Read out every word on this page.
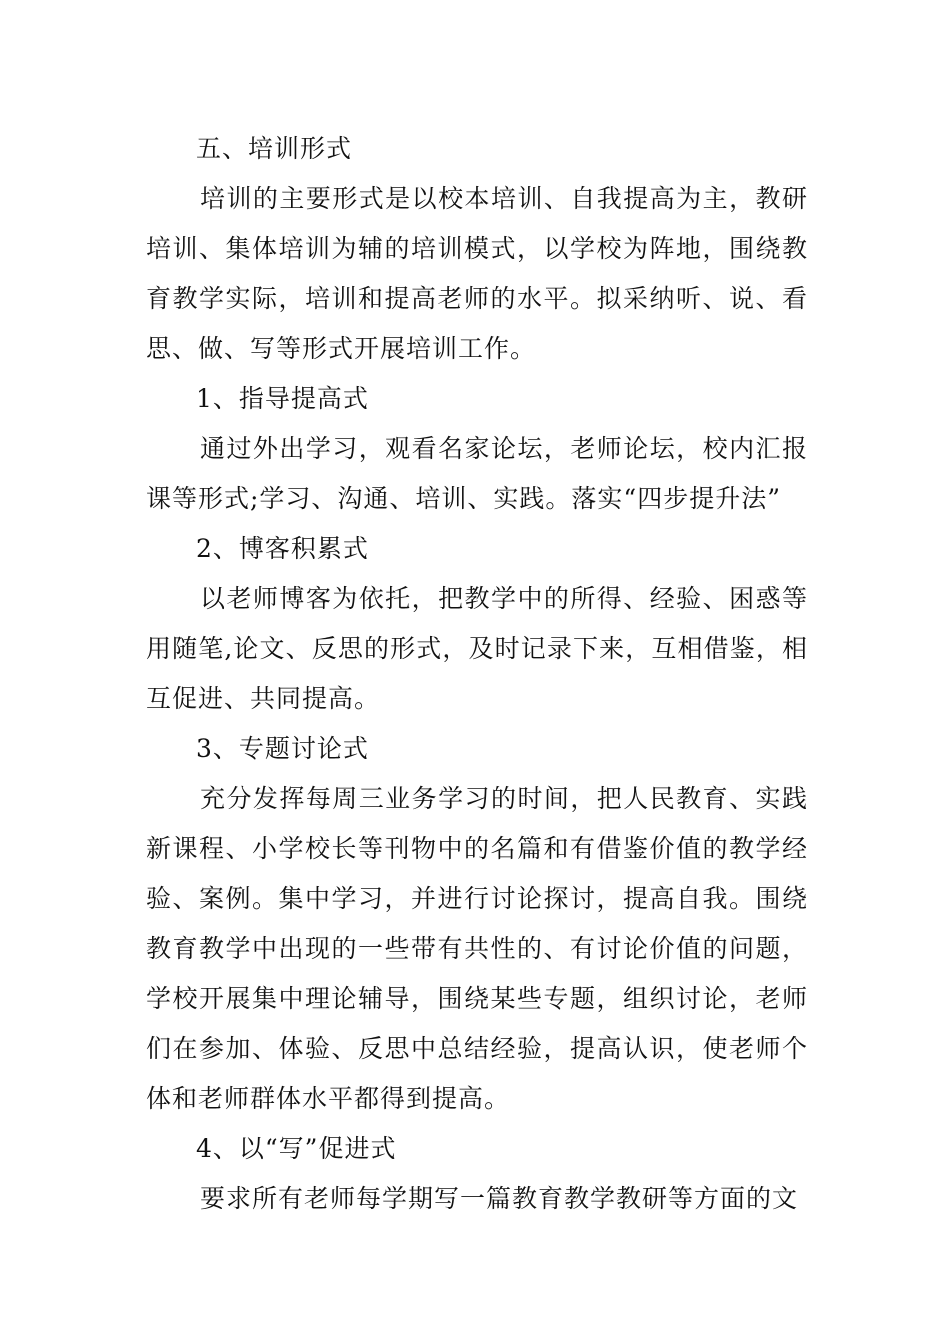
五、培训形式

培训的主要形式是以校本培训、自我提高为主，教研培训、集体培训为辅的培训模式，以学校为阵地，围绕教育教学实际，培训和提高老师的水平。拟采纳听、说、看思、做、写等形式开展培训工作。

1、指导提高式

通过外出学习，观看名家论坛，老师论坛，校内汇报课等形式;学习、沟通、培训、实践。落实“四步提升法”

2、博客积累式

以老师博客为依托，把教学中的所得、经验、困惑等用随笔,论文、反思的形式，及时记录下来，互相借鉴，相互促进、共同提高。

3、专题讨论式

充分发挥每周三业务学习的时间，把人民教育、实践新课程、小学校长等刊物中的名篇和有借鉴价值的教学经验、案例。集中学习，并进行讨论探讨，提高自我。围绕教育教学中出现的一些带有共性的、有讨论价值的问题，学校开展集中理论辅导，围绕某些专题，组织讨论，老师们在参加、体验、反思中总结经验，提高认识，使老师个体和老师群体水平都得到提高。

4、以“写”促进式

要求所有老师每学期写一篇教育教学教研等方面的文
